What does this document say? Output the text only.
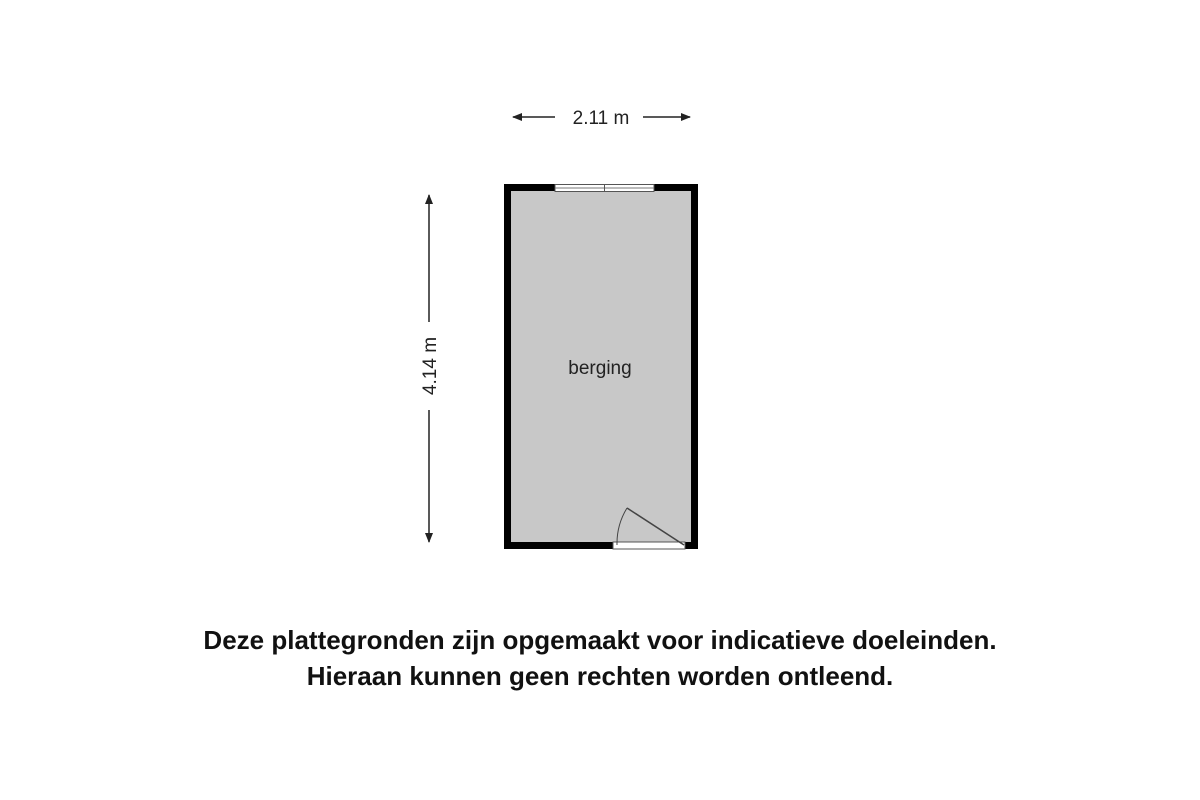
2.11 m
4.14 m	berging
Deze plattegronden zijn opgemaakt voor indicatieve doeleinden.
Hieraan kunnen geen rechten worden ontleend.
